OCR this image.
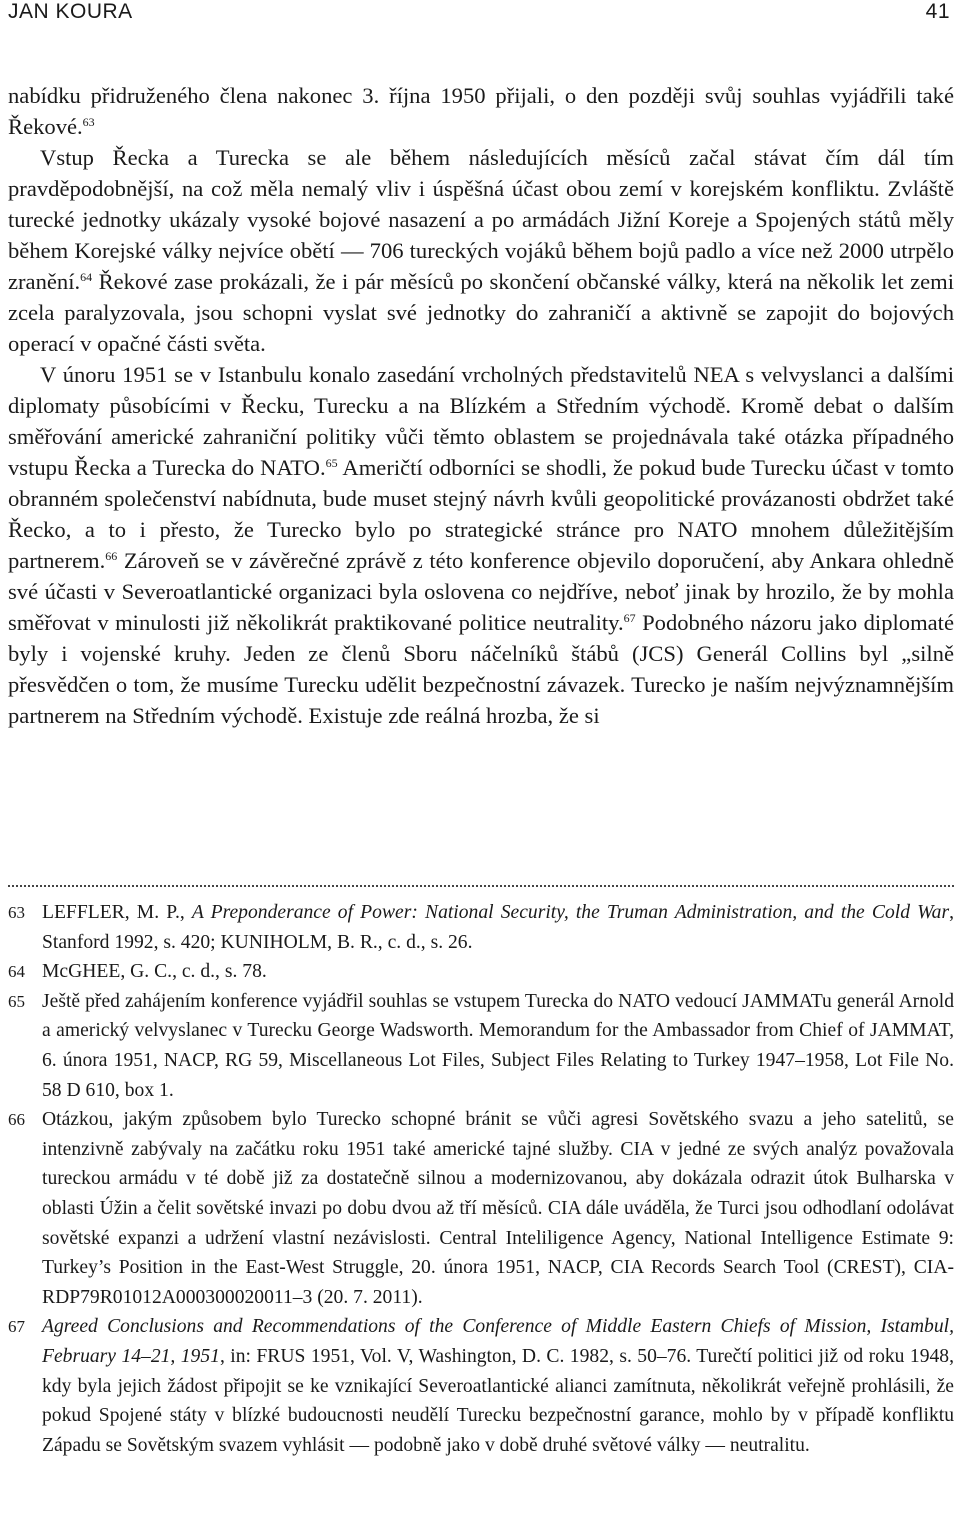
JAN KOURA	41

nabídku přidruženého člena nakonec 3. října 1950 přijali, o den později svůj souhlas vyjádřili také Řekové.$^{63}$

Vstup Řecka a Turecka se ale během následujících měsíců začal stávat čím dál tím pravděpodobnější, na což měla nemalý vliv i úspěšná účast obou zemí v korejském konfliktu. Zvláště turecké jednotky ukázaly vysoké bojové nasazení a po armádách Jižní Koreje a Spojených států měly během Korejské války nejvíce obětí — 706 tureckých vojáků během bojů padlo a více než 2000 utrpělo zranění.$^{64}$ Řekové zase prokázali, že i pár měsíců po skončení občanské války, která na několik let zemi zcela paralyzovala, jsou schopni vyslat své jednotky do zahraničí a aktivně se zapojit do bojových operací v opačné části světa.

V únoru 1951 se v Istanbulu konalo zasedání vrcholných představitelů NEA s velvyslanci a dalšími diplomaty působícími v Řecku, Turecku a na Blízkém a Středním východě. Kromě debat o dalším směřování americké zahraniční politiky vůči těmto oblastem se projednávala také otázka případného vstupu Řecka a Turecka do NATO.$^{65}$ Američtí odborníci se shodli, že pokud bude Turecku účast v tomto obranném společenství nabídnuta, bude muset stejný návrh kvůli geopolitické provázanosti obdržet také Řecko, a to i přesto, že Turecko bylo po strategické stránce pro NATO mnohem důležitějším partnerem.$^{66}$ Zároveň se v závěrečné zprávě z této konference objevilo doporučení, aby Ankara ohledně své účasti v Severoatlantické organizaci byla oslovena co nejdříve, neboť jinak by hrozilo, že by mohla směřovat v minulosti již několikrát praktikované politice neutrality.$^{67}$ Podobného názoru jako diplomaté byly i vojenské kruhy. Jeden ze členů Sboru náčelníků štábů (JCS) Generál Collins byl „silně přesvědčen o tom, že musíme Turecku udělit bezpečnostní závazek. Turecko je naším nejvýznamnějším partnerem na Středním východě. Existuje zde reálná hrozba, že si

63 LEFFLER, M. P., A Preponderance of Power: National Security, the Truman Administration, and the Cold War, Stanford 1992, s. 420; KUNIHOLM, B. R., c. d., s. 26.
64 McGHEE, G. C., c. d., s. 78.
65 Ještě před zahájením konference vyjádřil souhlas se vstupem Turecka do NATO vedoucí JAMMATu generál Arnold a americký velvyslanec v Turecku George Wadsworth. Memorandum for the Ambassador from Chief of JAMMAT, 6. února 1951, NACP, RG 59, Miscellaneous Lot Files, Subject Files Relating to Turkey 1947–1958, Lot File No. 58 D 610, box 1.
66 Otázkou, jakým způsobem bylo Turecko schopné bránit se vůči agresi Sovětského svazu a jeho satelitů, se intenzivně zabývaly na začátku roku 1951 také americké tajné služby. CIA v jedné ze svých analýz považovala tureckou armádu v té době již za dostatečně silnou a modernizovanou, aby dokázala odrazit útok Bulharska v oblasti Úžin a čelit sovětské invazi po dobu dvou až tří měsíců. CIA dále uváděla, že Turci jsou odhodlaní odolávat sovětské expanzi a udržení vlastní nezávislosti. Central Inteliligence Agency, National Intelligence Estimate 9: Turkey’s Position in the East-West Struggle, 20. února 1951, NACP, CIA Records Search Tool (CREST), CIA-RDP79R01012A000300020011–3 (20. 7. 2011).
67 Agreed Conclusions and Recommendations of the Conference of Middle Eastern Chiefs of Mission, Istambul, February 14–21, 1951, in: FRUS 1951, Vol. V, Washington, D. C. 1982, s. 50–76. Turečtí politici již od roku 1948, kdy byla jejich žádost připojit se ke vznikající Severoatlantické alianci zamítnuta, několikrát veřejně prohlásili, že pokud Spojené státy v blízké budoucnosti neudělí Turecku bezpečnostní garance, mohlo by v případě konfliktu Západu se Sovětským svazem vyhlásit — podobně jako v době druhé světové války — neutralitu.
